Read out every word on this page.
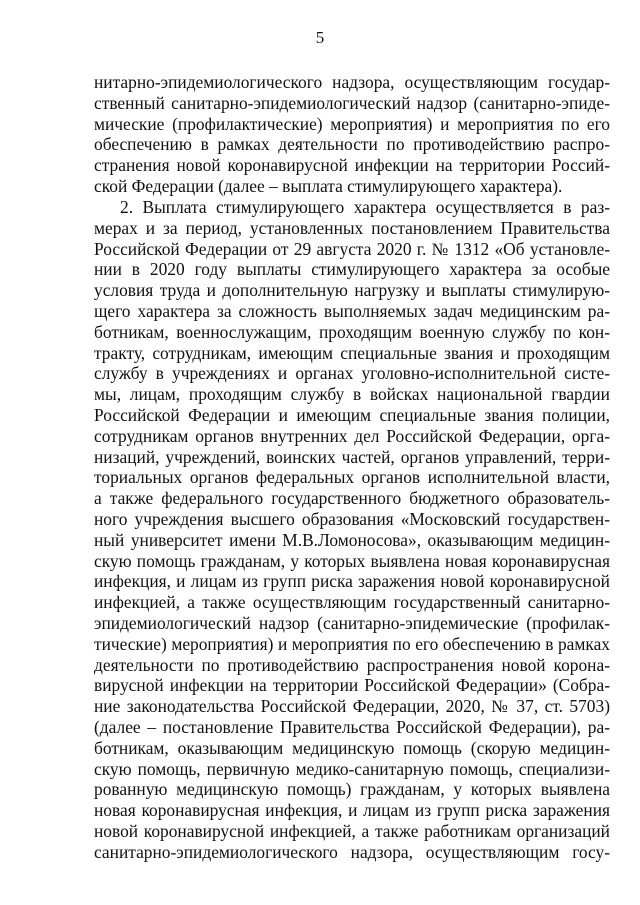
5
нитарно-эпидемиологического надзора, осуществляющим государ-
ственный санитарно-эпидемиологический надзор (санитарно-эпиде-
мические (профилактические) мероприятия) и мероприятия по его
обеспечению в рамках деятельности по противодействию распро-
странения новой коронавирусной инфекции на территории Россий-
ской Федерации (далее – выплата стимулирующего характера).
2. Выплата стимулирующего характера осуществляется в раз-
мерах и за период, установленных постановлением Правительства
Российской Федерации от 29 августа 2020 г. № 1312 «Об установле-
нии в 2020 году выплаты стимулирующего характера за особые
условия труда и дополнительную нагрузку и выплаты стимулирую-
щего характера за сложность выполняемых задач медицинским ра-
ботникам, военнослужащим, проходящим военную службу по кон-
тракту, сотрудникам, имеющим специальные звания и проходящим
службу в учреждениях и органах уголовно-исполнительной систе-
мы, лицам, проходящим службу в войсках национальной гвардии
Российской Федерации и имеющим специальные звания полиции,
сотрудникам органов внутренних дел Российской Федерации, орга-
низаций, учреждений, воинских частей, органов управлений, терри-
ториальных органов федеральных органов исполнительной власти,
а также федерального государственного бюджетного образователь-
ного учреждения высшего образования «Московский государствен-
ный университет имени М.В.Ломоносова», оказывающим медицин-
скую помощь гражданам, у которых выявлена новая коронавирусная
инфекция, и лицам из групп риска заражения новой коронавирусной
инфекцией, а также осуществляющим государственный санитарно-
эпидемиологический надзор (санитарно-эпидемические (профилак-
тические) мероприятия) и мероприятия по его обеспечению в рамках
деятельности по противодействию распространения новой корона-
вирусной инфекции на территории Российской Федерации» (Собра-
ние законодательства Российской Федерации, 2020, № 37, ст. 5703)
(далее – постановление Правительства Российской Федерации), ра-
ботникам, оказывающим медицинскую помощь (скорую медицин-
скую помощь, первичную медико-санитарную помощь, специализи-
рованную медицинскую помощь) гражданам, у которых выявлена
новая коронавирусная инфекция, и лицам из групп риска заражения
новой коронавирусной инфекцией, а также работникам организаций
санитарно-эпидемиологического надзора, осуществляющим госу-
